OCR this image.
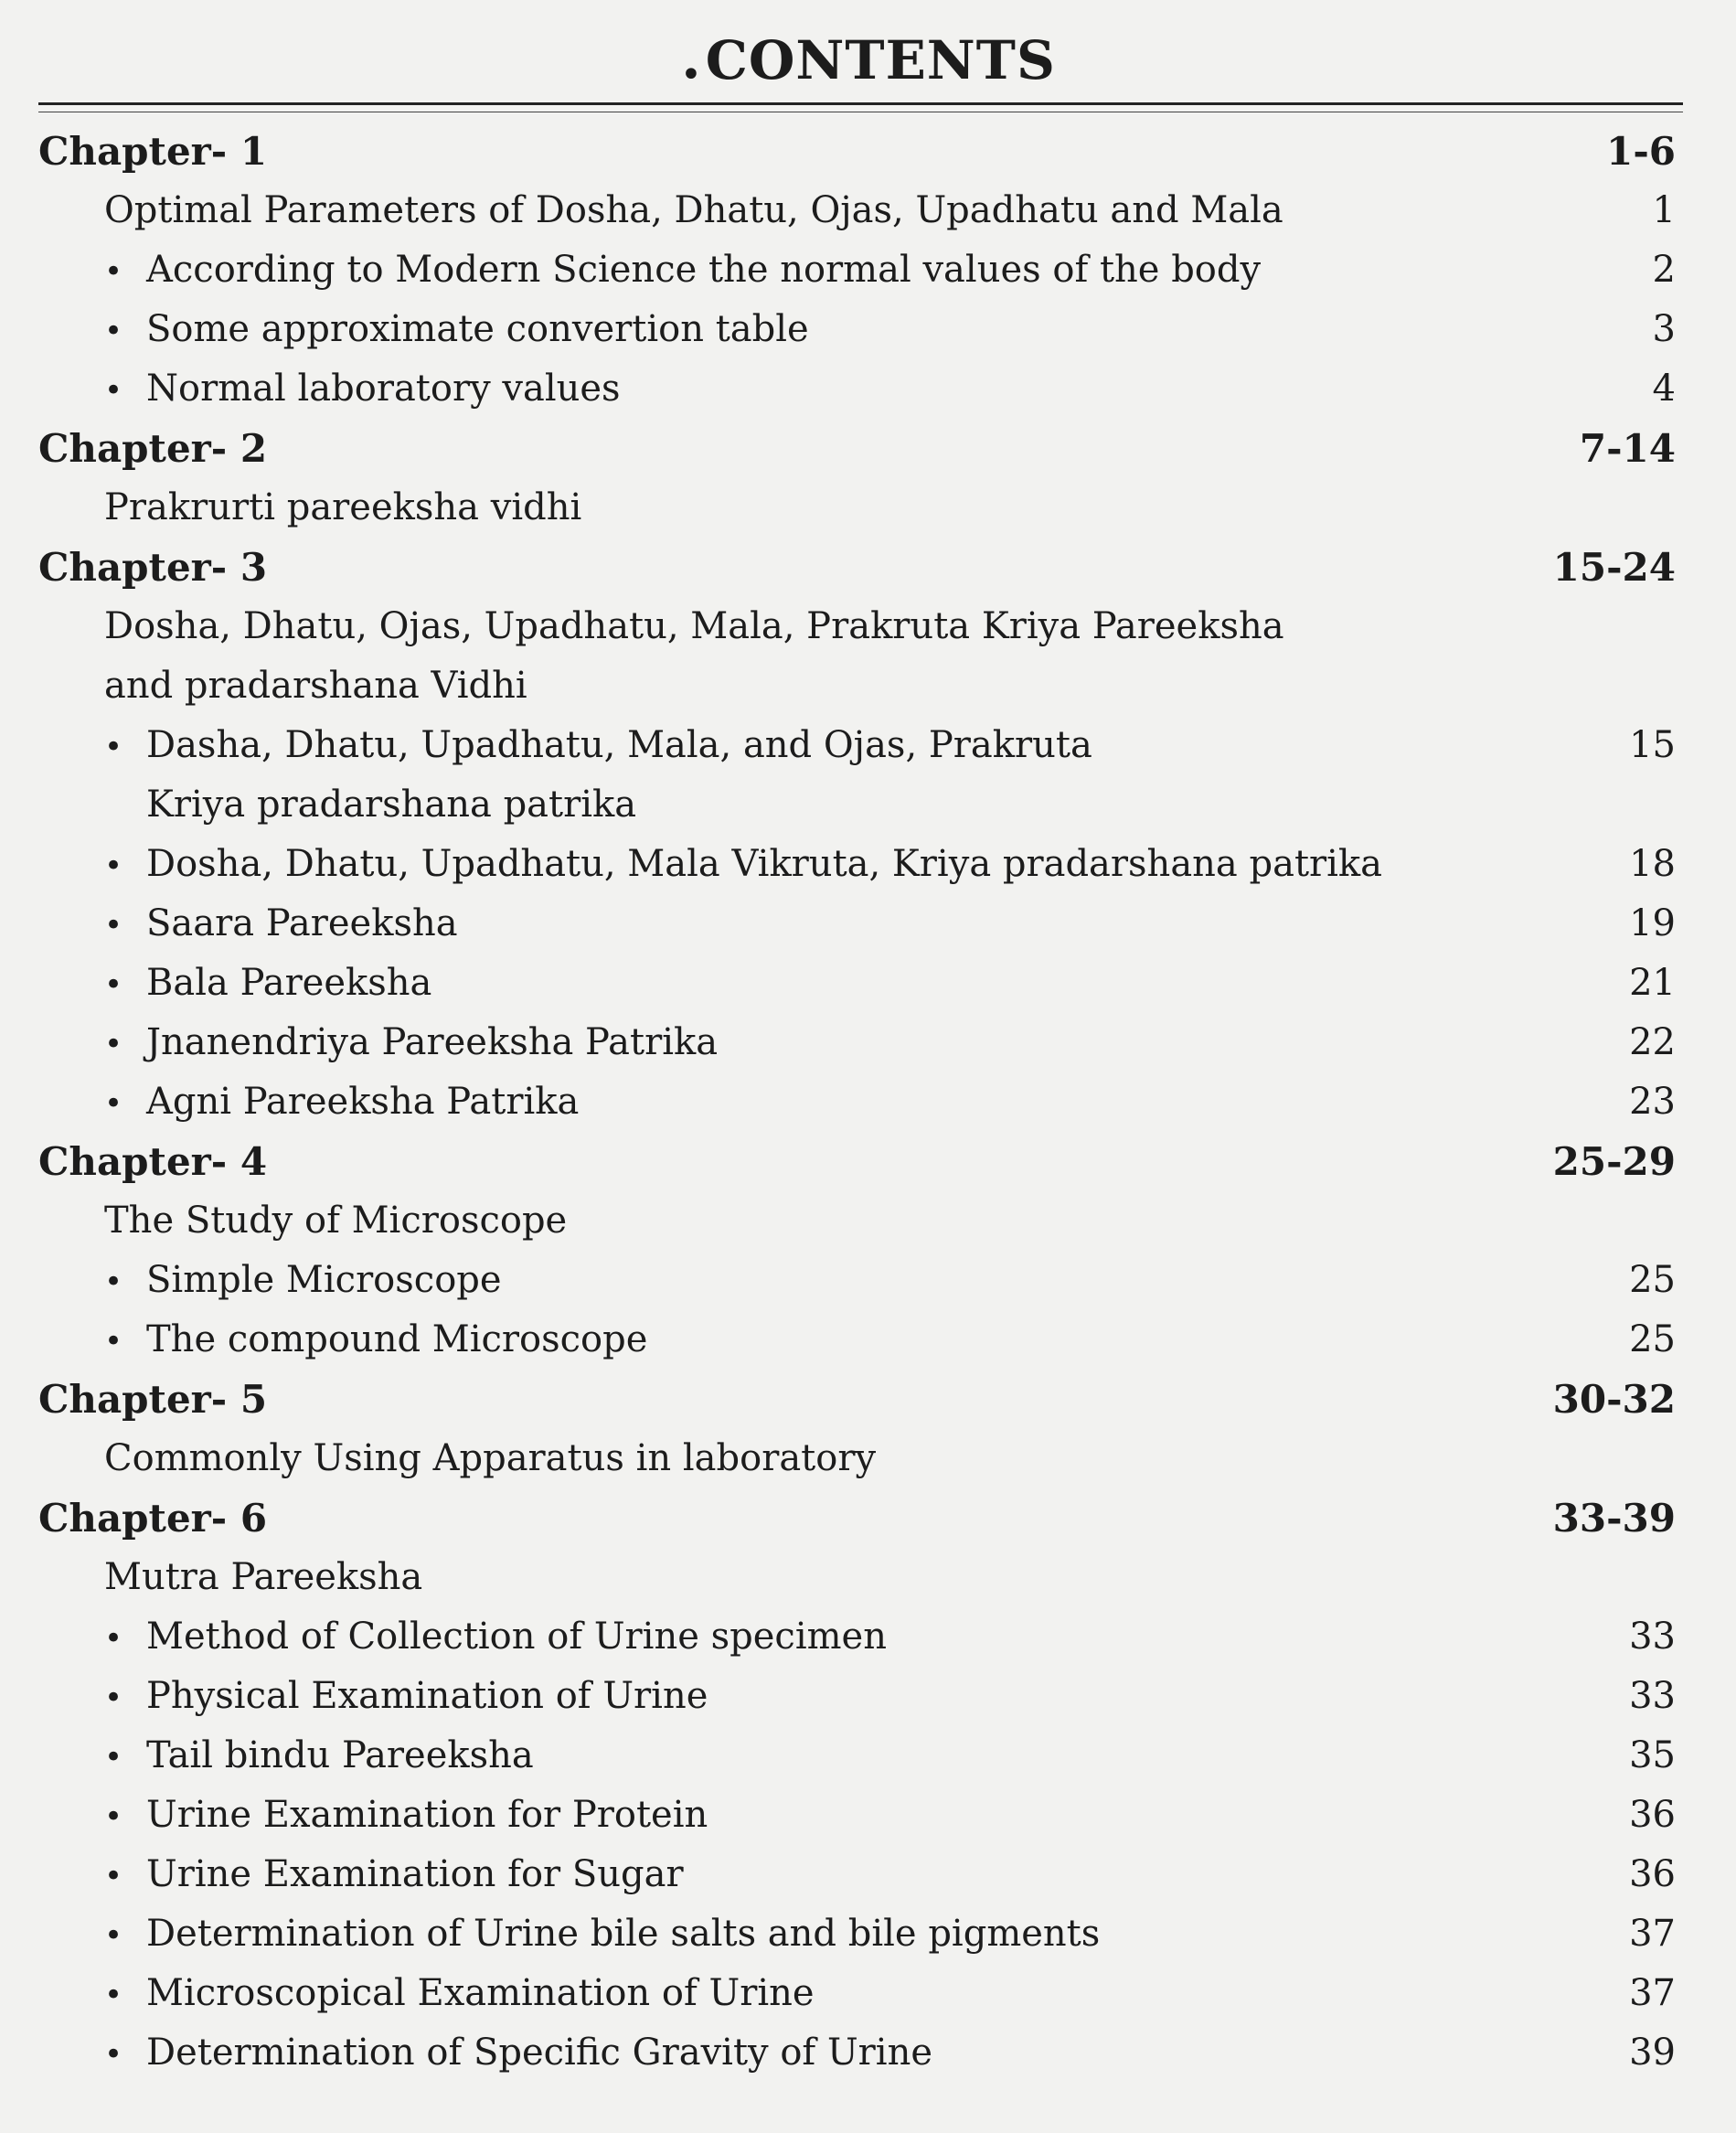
•CONTENTS
Chapter- 1	1-6
Optimal Parameters of Dosha, Dhatu, Ojas, Upadhatu and Mala	1
• According to Modern Science the normal values of the body	2
• Some approximate convertion table	3
• Normal laboratory values	4
Chapter- 2	7-14
Prakrurti pareeksha vidhi
Chapter- 3	15-24
Dosha, Dhatu, Ojas, Upadhatu, Mala, Prakruta Kriya Pareeksha
and pradarshana Vidhi
• Dasha, Dhatu, Upadhatu, Mala, and Ojas, Prakruta	15
Kriya pradarshana patrika
• Dosha, Dhatu, Upadhatu, Mala Vikruta, Kriya pradarshana patrika	18
• Saara Pareeksha	19
• Bala Pareeksha	21
• Jnanendriya Pareeksha Patrika	22
• Agni Pareeksha Patrika	23
Chapter- 4	25-29
The Study of Microscope
• Simple Microscope	25
• The compound Microscope	25
Chapter- 5	30-32
Commonly Using Apparatus in laboratory
Chapter- 6	33-39
Mutra Pareeksha
• Method of Collection of Urine specimen	33
• Physical Examination of Urine	33
• Tail bindu Pareeksha	35
• Urine Examination for Protein	36
• Urine Examination for Sugar	36
• Determination of Urine bile salts and bile pigments	37
• Microscopical Examination of Urine	37
• Determination of Specific Gravity of Urine	39
